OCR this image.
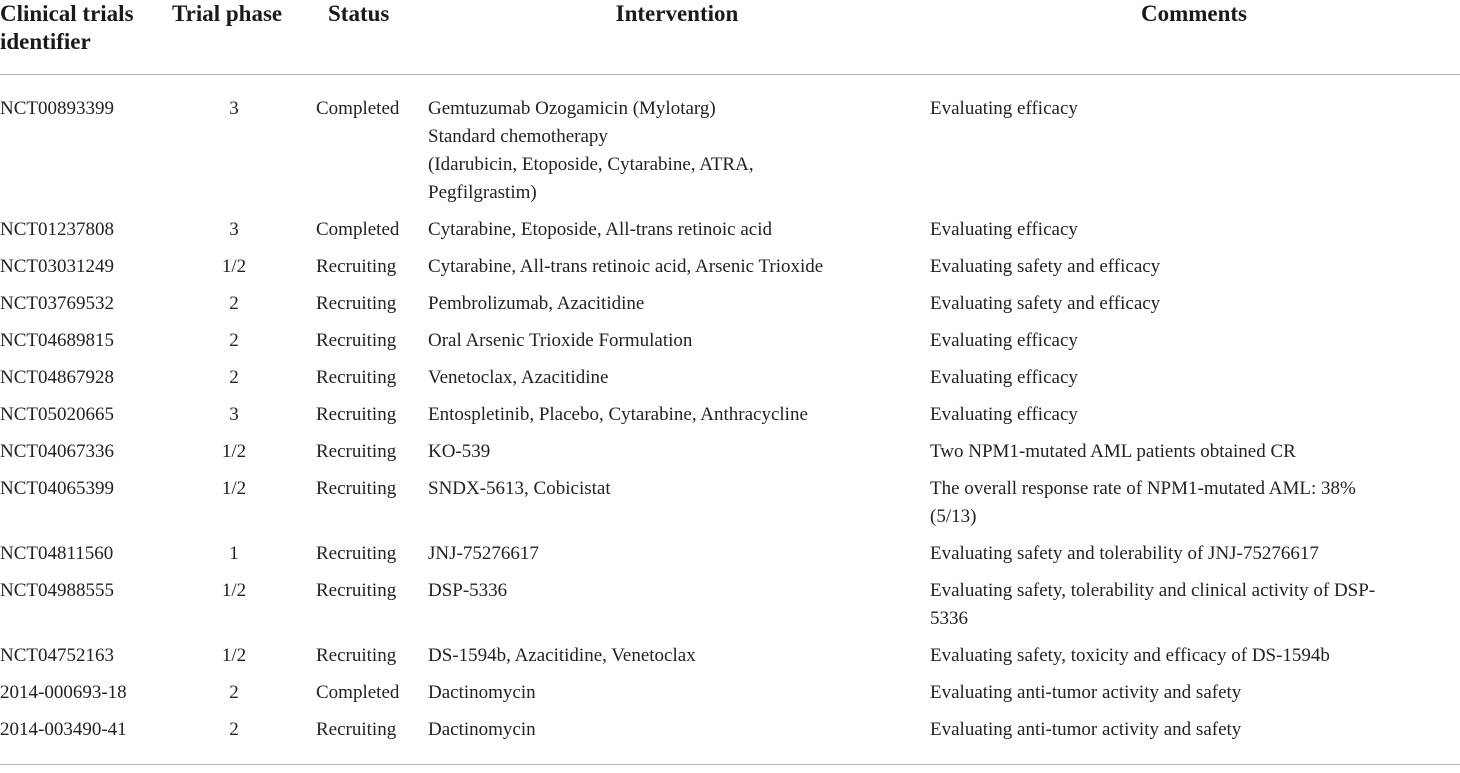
Clinical trials
identifier	Trial phase	Status	Intervention	Comments
NCT00893399	3	Completed	Gemtuzumab Ozogamicin (Mylotarg)
Standard chemotherapy
(Idarubicin, Etoposide, Cytarabine, ATRA,
Pegfilgrastim)	Evaluating efficacy
NCT01237808	3	Completed	Cytarabine, Etoposide, All-trans retinoic acid	Evaluating efficacy
NCT03031249	1/2	Recruiting	Cytarabine, All-trans retinoic acid, Arsenic Trioxide	Evaluating safety and efficacy
NCT03769532	2	Recruiting	Pembrolizumab, Azacitidine	Evaluating safety and efficacy
NCT04689815	2	Recruiting	Oral Arsenic Trioxide Formulation	Evaluating efficacy
NCT04867928	2	Recruiting	Venetoclax, Azacitidine	Evaluating efficacy
NCT05020665	3	Recruiting	Entospletinib, Placebo, Cytarabine, Anthracycline	Evaluating efficacy
NCT04067336	1/2	Recruiting	KO-539	Two NPM1-mutated AML patients obtained CR
NCT04065399	1/2	Recruiting	SNDX-5613, Cobicistat	The overall response rate of NPM1-mutated AML: 38% (5/13)
NCT04811560	1	Recruiting	JNJ-75276617	Evaluating safety and tolerability of JNJ-75276617
NCT04988555	1/2	Recruiting	DSP-5336	Evaluating safety, tolerability and clinical activity of DSP-5336
NCT04752163	1/2	Recruiting	DS-1594b, Azacitidine, Venetoclax	Evaluating safety, toxicity and efficacy of DS-1594b
2014-000693-18	2	Completed	Dactinomycin	Evaluating anti-tumor activity and safety
2014-003490-41	2	Recruiting	Dactinomycin	Evaluating anti-tumor activity and safety
